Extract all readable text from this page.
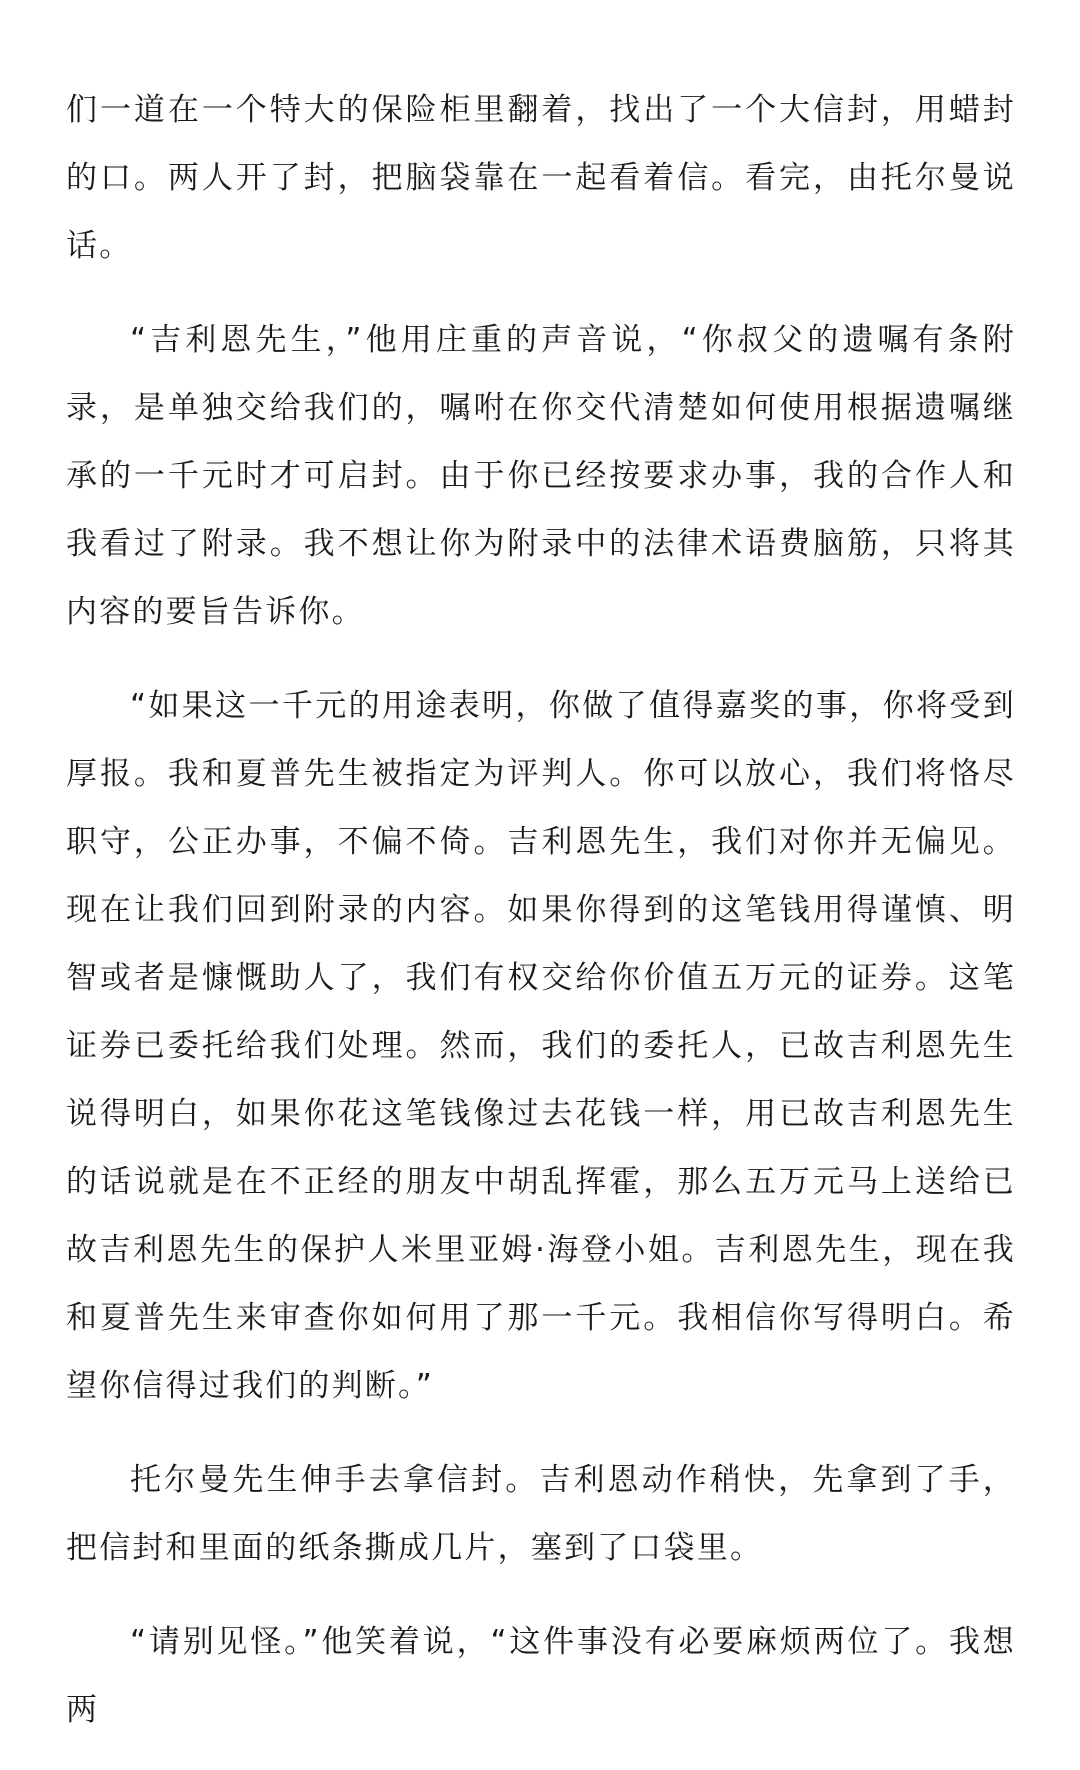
们一道在一个特大的保险柜里翻着，找出了一个大信封，用蜡封的口。两人开了封，把脑袋靠在一起看着信。看完，由托尔曼说话。

“吉利恩先生，”他用庄重的声音说，“你叔父的遗嘱有条附录，是单独交给我们的，嘱咐在你交代清楚如何使用根据遗嘱继承的一千元时才可启封。由于你已经按要求办事，我的合作人和我看过了附录。我不想让你为附录中的法律术语费脑筋，只将其内容的要旨告诉你。

“如果这一千元的用途表明，你做了值得嘉奖的事，你将受到厚报。我和夏普先生被指定为评判人。你可以放心，我们将恪尽职守，公正办事，不偏不倚。吉利恩先生，我们对你并无偏见。现在让我们回到附录的内容。如果你得到的这笔钱用得谨慎、明智或者是慷慨助人了，我们有权交给你价值五万元的证券。这笔证券已委托给我们处理。然而，我们的委托人，已故吉利恩先生说得明白，如果你花这笔钱像过去花钱一样，用已故吉利恩先生的话说就是在不正经的朋友中胡乱挥霍，那么五万元马上送给已故吉利恩先生的保护人米里亚姆·海登小姐。吉利恩先生，现在我和夏普先生来审查你如何用了那一千元。我相信你写得明白。希望你信得过我们的判断。”

托尔曼先生伸手去拿信封。吉利恩动作稍快，先拿到了手，把信封和里面的纸条撕成几片，塞到了口袋里。

“请别见怪。”他笑着说，“这件事没有必要麻烦两位了。我想两
